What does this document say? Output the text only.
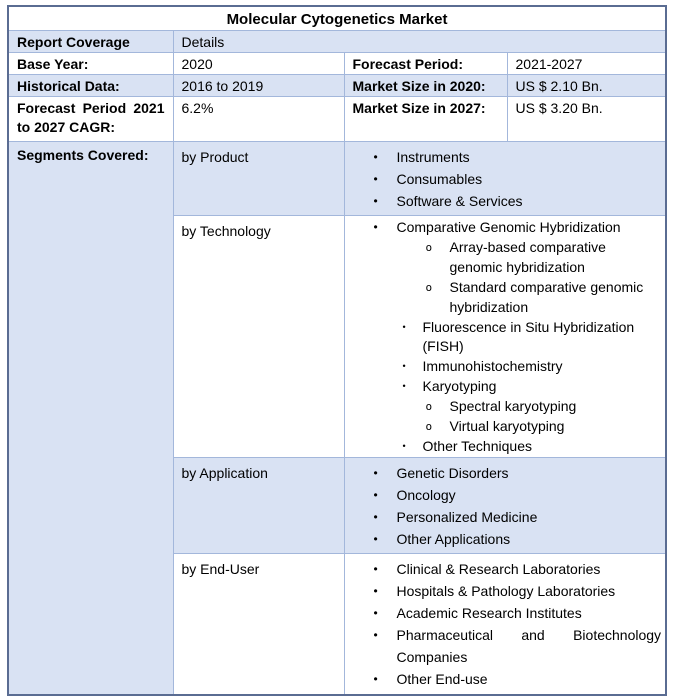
Molecular Cytogenetics Market			
Report Coverage	Details		
Base Year:	2020	Forecast Period:	2021-2027
Historical Data:	2016 to 2019	Market Size in 2020:	US $ 2.10 Bn.
Forecast Period 2021 to 2027 CAGR:	6.2%	Market Size in 2027:	US $ 3.20 Bn.
Segments Covered:	by Product	•	Instruments
•	Consumables
•	Software & Services

by Technology	•	Comparative Genomic Hybridization
o	Array-based comparative genomic hybridization
o	Standard comparative genomic hybridization
•	Fluorescence in Situ Hybridization (FISH)
•	Immunohistochemistry
•	Karyotyping
o	Spectral karyotyping
o	Virtual karyotyping
•	Other Techniques

by Application	•	Genetic Disorders
•	Oncology
•	Personalized Medicine
•	Other Applications

by End-User	•	Clinical & Research Laboratories
•	Hospitals & Pathology Laboratories
•	Academic Research Institutes
•	Pharmaceutical and Biotechnology Companies
•	Other End-use
